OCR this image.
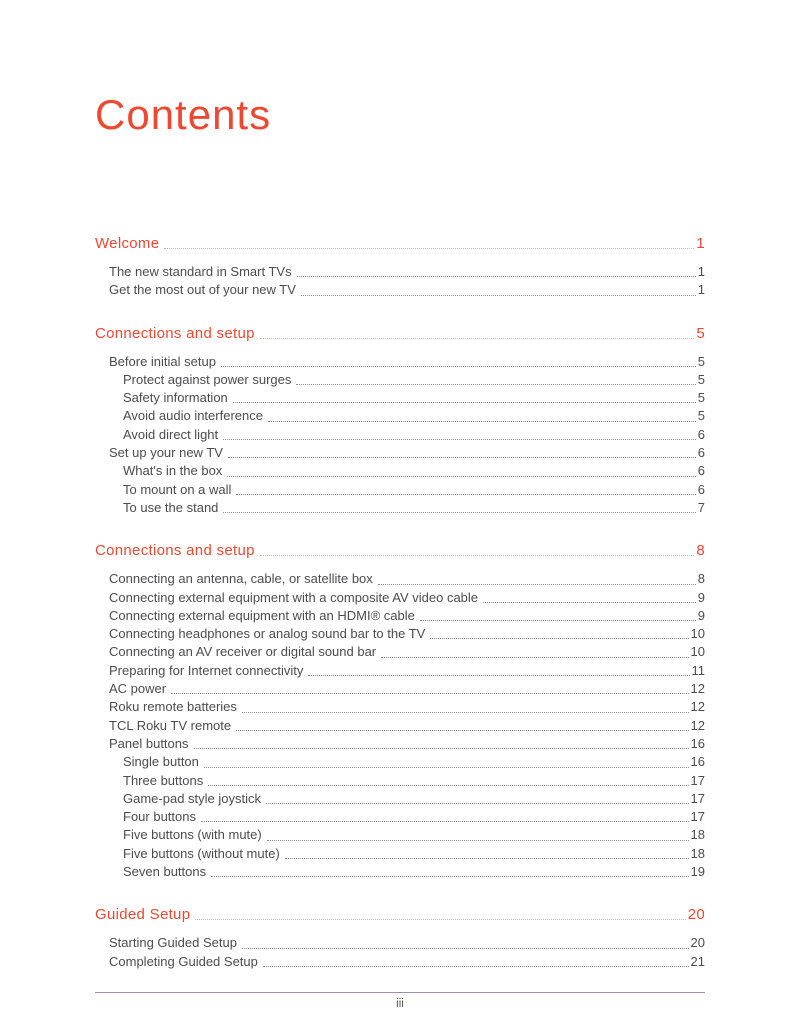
Contents
Welcome	1
The new standard in Smart TVs	1
Get the most out of your new TV	1
Connections and setup	5
Before initial setup	5
Protect against power surges	5
Safety information	5
Avoid audio interference	5
Avoid direct light	6
Set up your new TV	6
What's in the box	6
To mount on a wall	6
To use the stand	7
Connections and setup	8
Connecting an antenna, cable, or satellite box	8
Connecting external equipment with a composite AV video cable	9
Connecting external equipment with an HDMI® cable	9
Connecting headphones or analog sound bar to the TV	10
Connecting an AV receiver or digital sound bar	10
Preparing for Internet connectivity	11
AC power	12
Roku remote batteries	12
TCL Roku TV remote	12
Panel buttons	16
Single button	16
Three buttons	17
Game-pad style joystick	17
Four buttons	17
Five buttons (with mute)	18
Five buttons (without mute)	18
Seven buttons	19
Guided Setup	20
Starting Guided Setup	20
Completing Guided Setup	21
iii
